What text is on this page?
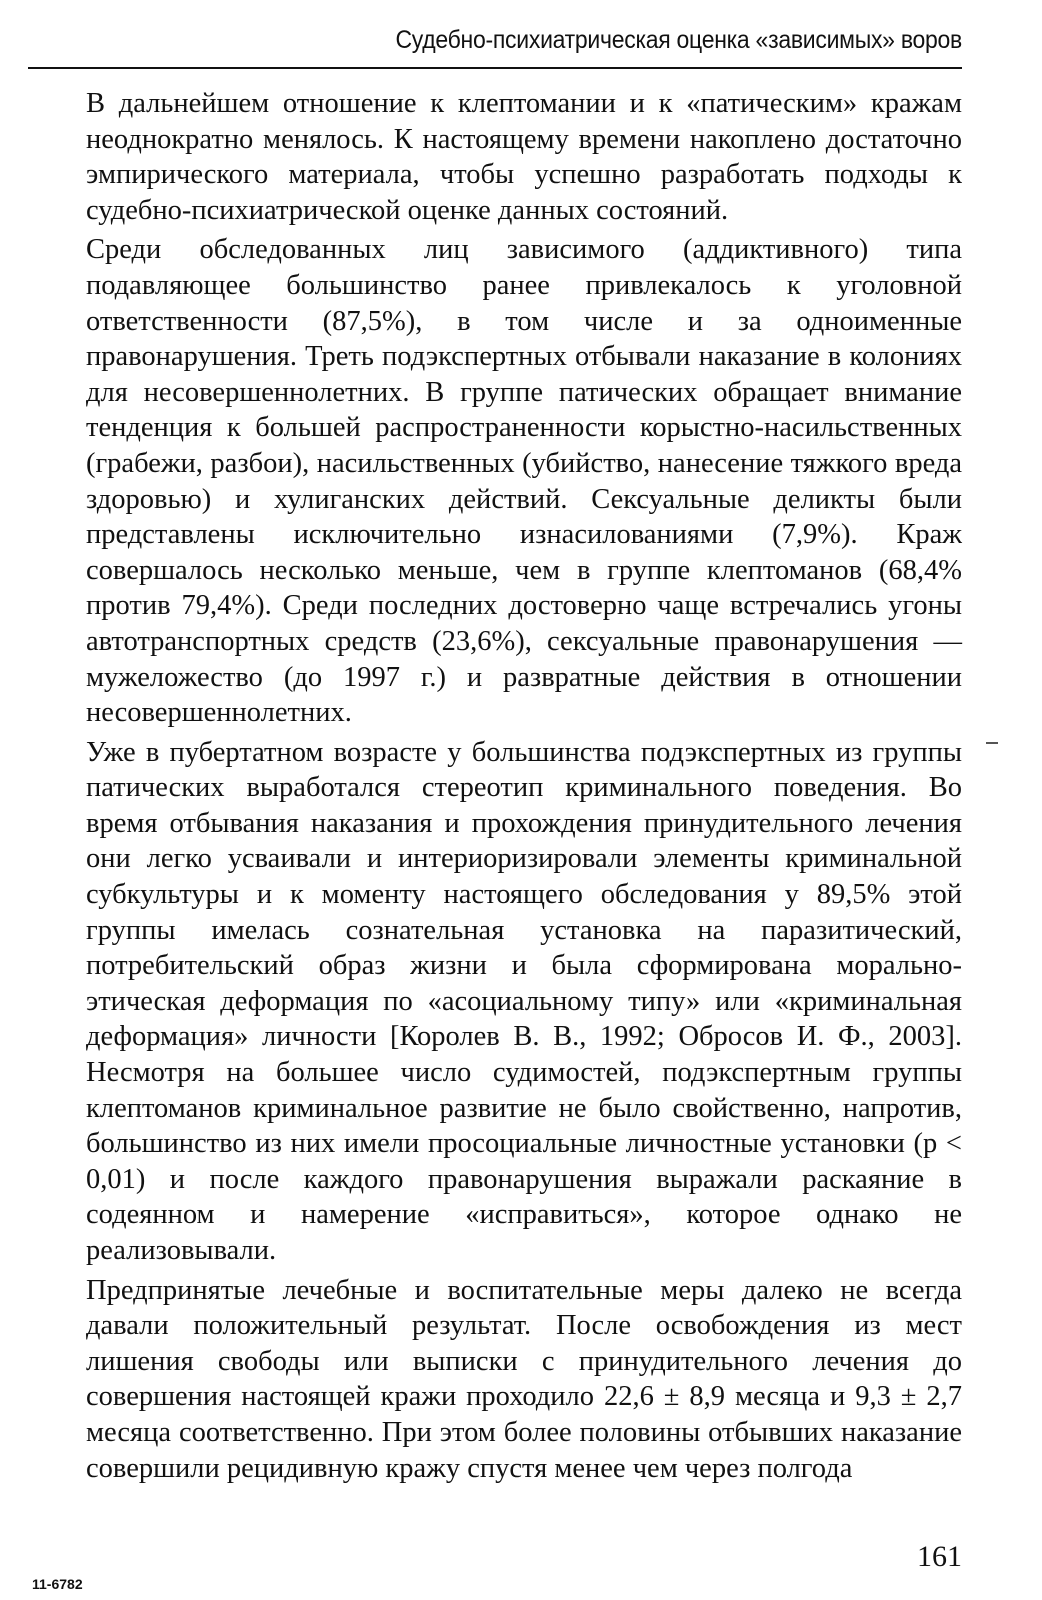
Судебно-психиатрическая оценка «зависимых» воров

В дальнейшем отношение к клептомании и к «патическим» кражам неоднократно менялось. К настоящему времени накоплено достаточно эмпирического материала, чтобы успешно разработать подходы к судебно-психиатрической оценке данных состояний.

Среди обследованных лиц зависимого (аддиктивного) типа подавляющее большинство ранее привлекалось к уголовной ответственности (87,5%), в том числе и за одноименные правонарушения. Треть подэкспертных отбывали наказание в колониях для несовершеннолетних. В группе патических обращает внимание тенденция к большей распространенности корыстно-насильственных (грабежи, разбои), насильственных (убийство, нанесение тяжкого вреда здоровью) и хулиганских действий. Сексуальные деликты были представлены исключительно изнасилованиями (7,9%). Краж совершалось несколько меньше, чем в группе клептоманов (68,4% против 79,4%). Среди последних достоверно чаще встречались угоны автотранспортных средств (23,6%), сексуальные правонарушения — мужеложество (до 1997 г.) и развратные действия в отношении несовершеннолетних.

Уже в пубертатном возрасте у большинства подэкспертных из группы патических выработался стереотип криминального поведения. Во время отбывания наказания и прохождения принудительного лечения они легко усваивали и интериоризировали элементы криминальной субкультуры и к моменту настоящего обследования у 89,5% этой группы имелась сознательная установка на паразитический, потребительский образ жизни и была сформирована морально-этическая деформация по «асоциальному типу» или «криминальная деформация» личности [Королев В. В., 1992; Обросов И. Ф., 2003]. Несмотря на большее число судимостей, подэкспертным группы клептоманов криминальное развитие не было свойственно, напротив, большинство из них имели просоциальные личностные установки (p < 0,01) и после каждого правонарушения выражали раскаяние в содеянном и намерение «исправиться», которое однако не реализовывали.

Предпринятые лечебные и воспитательные меры далеко не всегда давали положительный результат. После освобождения из мест лишения свободы или выписки с принудительного лечения до совершения настоящей кражи проходило 22,6 ± 8,9 месяца и 9,3 ± 2,7 месяца соответственно. При этом более половины отбывших наказание совершили рецидивную кражу спустя менее чем через полгода

161
11-6782
